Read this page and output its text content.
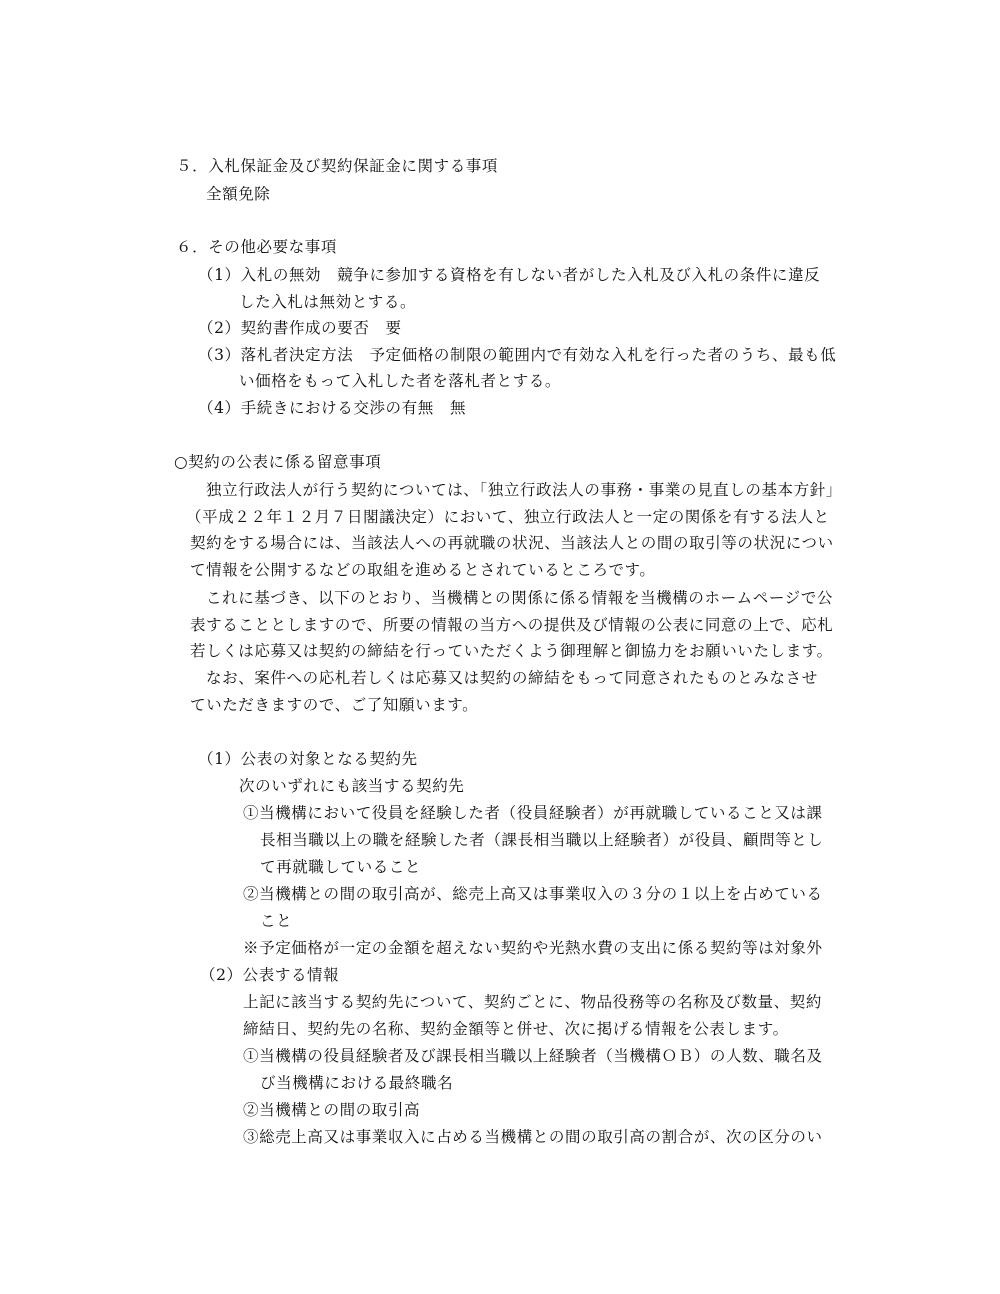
５．入札保証金及び契約保証金に関する事項
全額免除
６．その他必要な事項
（1）入札の無効　競争に参加する資格を有しない者がした入札及び入札の条件に違反
した入札は無効とする。
（2）契約書作成の要否　要
（3）落札者決定方法　予定価格の制限の範囲内で有効な入札を行った者のうち、最も低
い価格をもって入札した者を落札者とする。
（4）手続きにおける交渉の有無　無
○契約の公表に係る留意事項
独立行政法人が行う契約については、「独立行政法人の事務・事業の見直しの基本方針」
（平成２２年１２月７日閣議決定）において、独立行政法人と一定の関係を有する法人と
契約をする場合には、当該法人への再就職の状況、当該法人との間の取引等の状況につい
て情報を公開するなどの取組を進めるとされているところです。
これに基づき、以下のとおり、当機構との関係に係る情報を当機構のホームページで公
表することとしますので、所要の情報の当方への提供及び情報の公表に同意の上で、応札
若しくは応募又は契約の締結を行っていただくよう御理解と御協力をお願いいたします。
なお、案件への応札若しくは応募又は契約の締結をもって同意されたものとみなさせ
ていただきますので、ご了知願います。
（1）公表の対象となる契約先
次のいずれにも該当する契約先
①当機構において役員を経験した者（役員経験者）が再就職していること又は課
長相当職以上の職を経験した者（課長相当職以上経験者）が役員、顧問等とし
て再就職していること
②当機構との間の取引高が、総売上高又は事業収入の３分の１以上を占めている
こと
※予定価格が一定の金額を超えない契約や光熱水費の支出に係る契約等は対象外
（2）公表する情報
上記に該当する契約先について、契約ごとに、物品役務等の名称及び数量、契約
締結日、契約先の名称、契約金額等と併せ、次に掲げる情報を公表します。
①当機構の役員経験者及び課長相当職以上経験者（当機構ＯＢ）の人数、職名及
び当機構における最終職名
②当機構との間の取引高
③総売上高又は事業収入に占める当機構との間の取引高の割合が、次の区分のい
